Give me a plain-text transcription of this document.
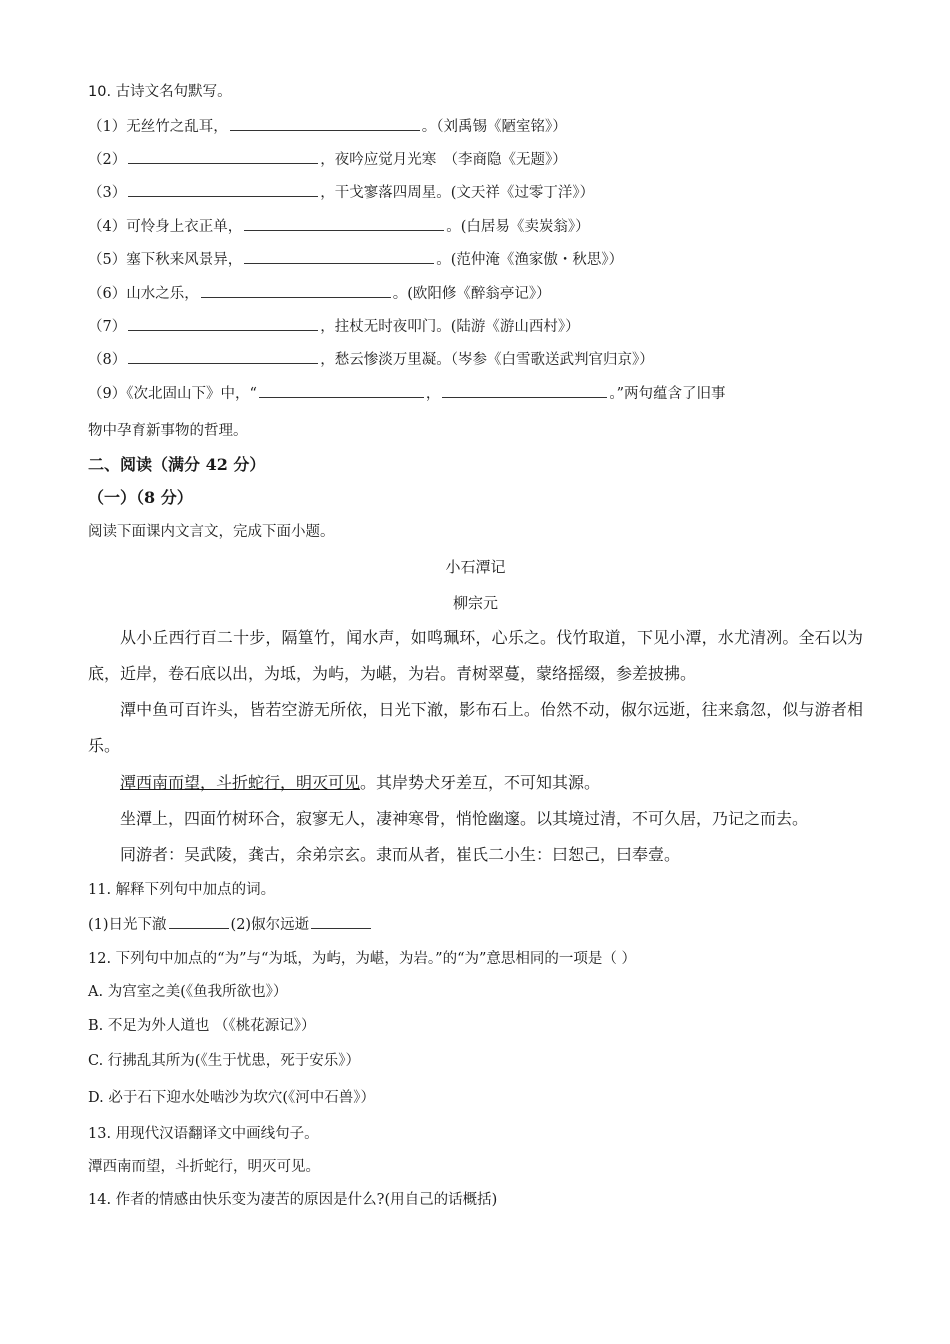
10. 古诗文名句默写。
（1）无丝竹之乱耳，	。（刘禹锡《陋室铭》）
（2）	，夜吟应觉月光寒　（李商隐《无题》）
（3）	，干戈寥落四周星。(文天祥《过零丁洋》）
（4）可怜身上衣正单，	。(白居易《卖炭翁》）
（5）塞下秋来风景异，	。(范仲淹《渔家傲・秋思》）
（6）山水之乐，	。(欧阳修《醉翁亭记》）
（7）	，拄杖无时夜叩门。(陆游《游山西村》）
（8）	，愁云惨淡万里凝。（岑参《白雪歌送武判官归京》）
（9）《次北固山下》中，“	，	。”两句蕴含了旧事
物中孕育新事物的哲理。
二、阅读（满分 42 分）
（一）（8 分）
阅读下面课内文言文，完成下面小题。
小石潭记
柳宗元
从小丘西行百二十步，隔篁竹，闻水声，如鸣珮环，心乐之。伐竹取道，下见小潭，水尤清冽。全石以为底，近岸，卷石底以出，为坻，为屿，为嵁，为岩。青树翠蔓，蒙络摇缀，参差披拂。
潭中鱼可百许头，皆若空游无所依，日光下澈，影布石上。佁然不动，俶尔远逝，往来翕忽，似与游者相乐。
潭西南而望，斗折蛇行，明灭可见。其岸势犬牙差互，不可知其源。
坐潭上，四面竹树环合，寂寥无人，凄神寒骨，悄怆幽邃。以其境过清，不可久居，乃记之而去。
同游者：吴武陵，龚古，余弟宗玄。隶而从者，崔氏二小生：曰恕己，曰奉壹。
11. 解释下列句中加点的词。
(1)日光下澈	(2)俶尔远逝
12. 下列句中加点的“为”与“为坻，为屿，为嵁，为岩。”的“为”意思相同的一项是（ ）
A. 为宫室之美(《鱼我所欲也》）
B. 不足为外人道也 （《桃花源记》）
C. 行拂乱其所为(《生于忧患，死于安乐》）
D. 必于石下迎水处啮沙为坎穴(《河中石兽》）
13. 用现代汉语翻译文中画线句子。
潭西南而望，斗折蛇行，明灭可见。
14. 作者的情感由快乐变为凄苦的原因是什么?(用自己的话概括)
